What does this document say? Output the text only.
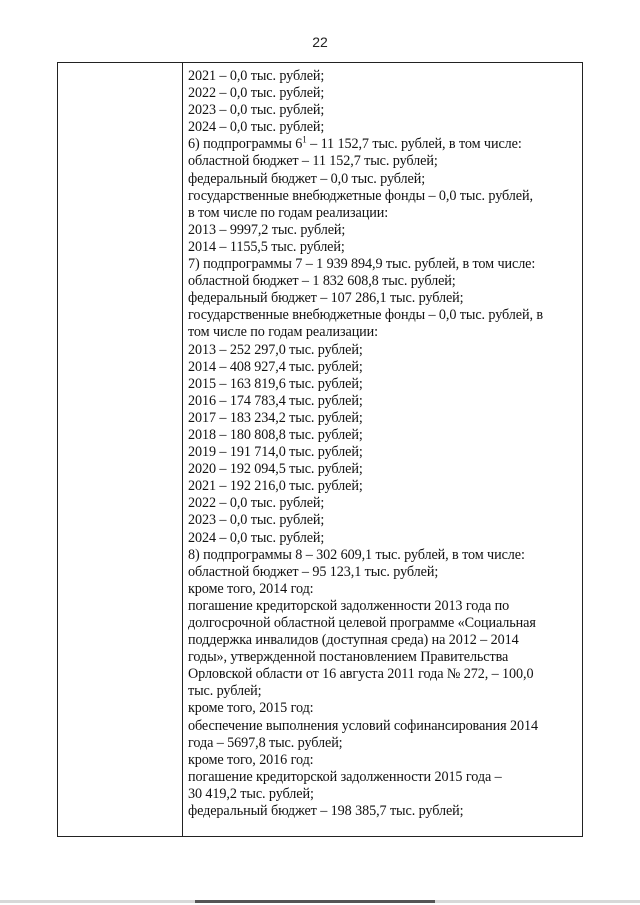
22
2021 – 0,0 тыс. рублей;
2022 – 0,0 тыс. рублей;
2023 – 0,0 тыс. рублей;
2024 – 0,0 тыс. рублей;
6) подпрограммы $6^1 - 11$ 152,7 тыс. рублей, в том числе:
областной бюджет – 11 152,7 тыс. рублей;
федеральный бюджет – 0,0 тыс. рублей;
государственные внебюджетные фонды – 0,0 тыс. рублей,
в том числе по годам реализации:
2013 – 9997,2 тыс. рублей;
2014 – 1155,5 тыс. рублей;
7) подпрограммы 7 – 1 939 894,9 тыс. рублей, в том числе:
областной бюджет – 1 832 608,8 тыс. рублей;
федеральный бюджет – 107 286,1 тыс. рублей;
государственные внебюджетные фонды – 0,0 тыс. рублей, в
том числе по годам реализации:
2013 – 252 297,0 тыс. рублей;
2014 – 408 927,4 тыс. рублей;
2015 – 163 819,6 тыс. рублей;
2016 – 174 783,4 тыс. рублей;
2017 – 183 234,2 тыс. рублей;
2018 – 180 808,8 тыс. рублей;
2019 – 191 714,0 тыс. рублей;
2020 – 192 094,5 тыс. рублей;
2021 – 192 216,0 тыс. рублей;
2022 – 0,0 тыс. рублей;
2023 – 0,0 тыс. рублей;
2024 – 0,0 тыс. рублей;
8) подпрограммы 8 – 302 609,1 тыс. рублей, в том числе:
областной бюджет – 95 123,1 тыс. рублей;
кроме того, 2014 год:
погашение кредиторской задолженности 2013 года по
долгосрочной областной целевой программе «Социальная
поддержка инвалидов (доступная среда) на 2012 – 2014
годы», утвержденной постановлением Правительства
Орловской области от 16 августа 2011 года № 272, – 100,0
тыс. рублей;
кроме того, 2015 год:
обеспечение выполнения условий софинансирования 2014
года – 5697,8 тыс. рублей;
кроме того, 2016 год:
погашение кредиторской задолженности 2015 года –
30 419,2 тыс. рублей;
федеральный бюджет – 198 385,7 тыс. рублей;
